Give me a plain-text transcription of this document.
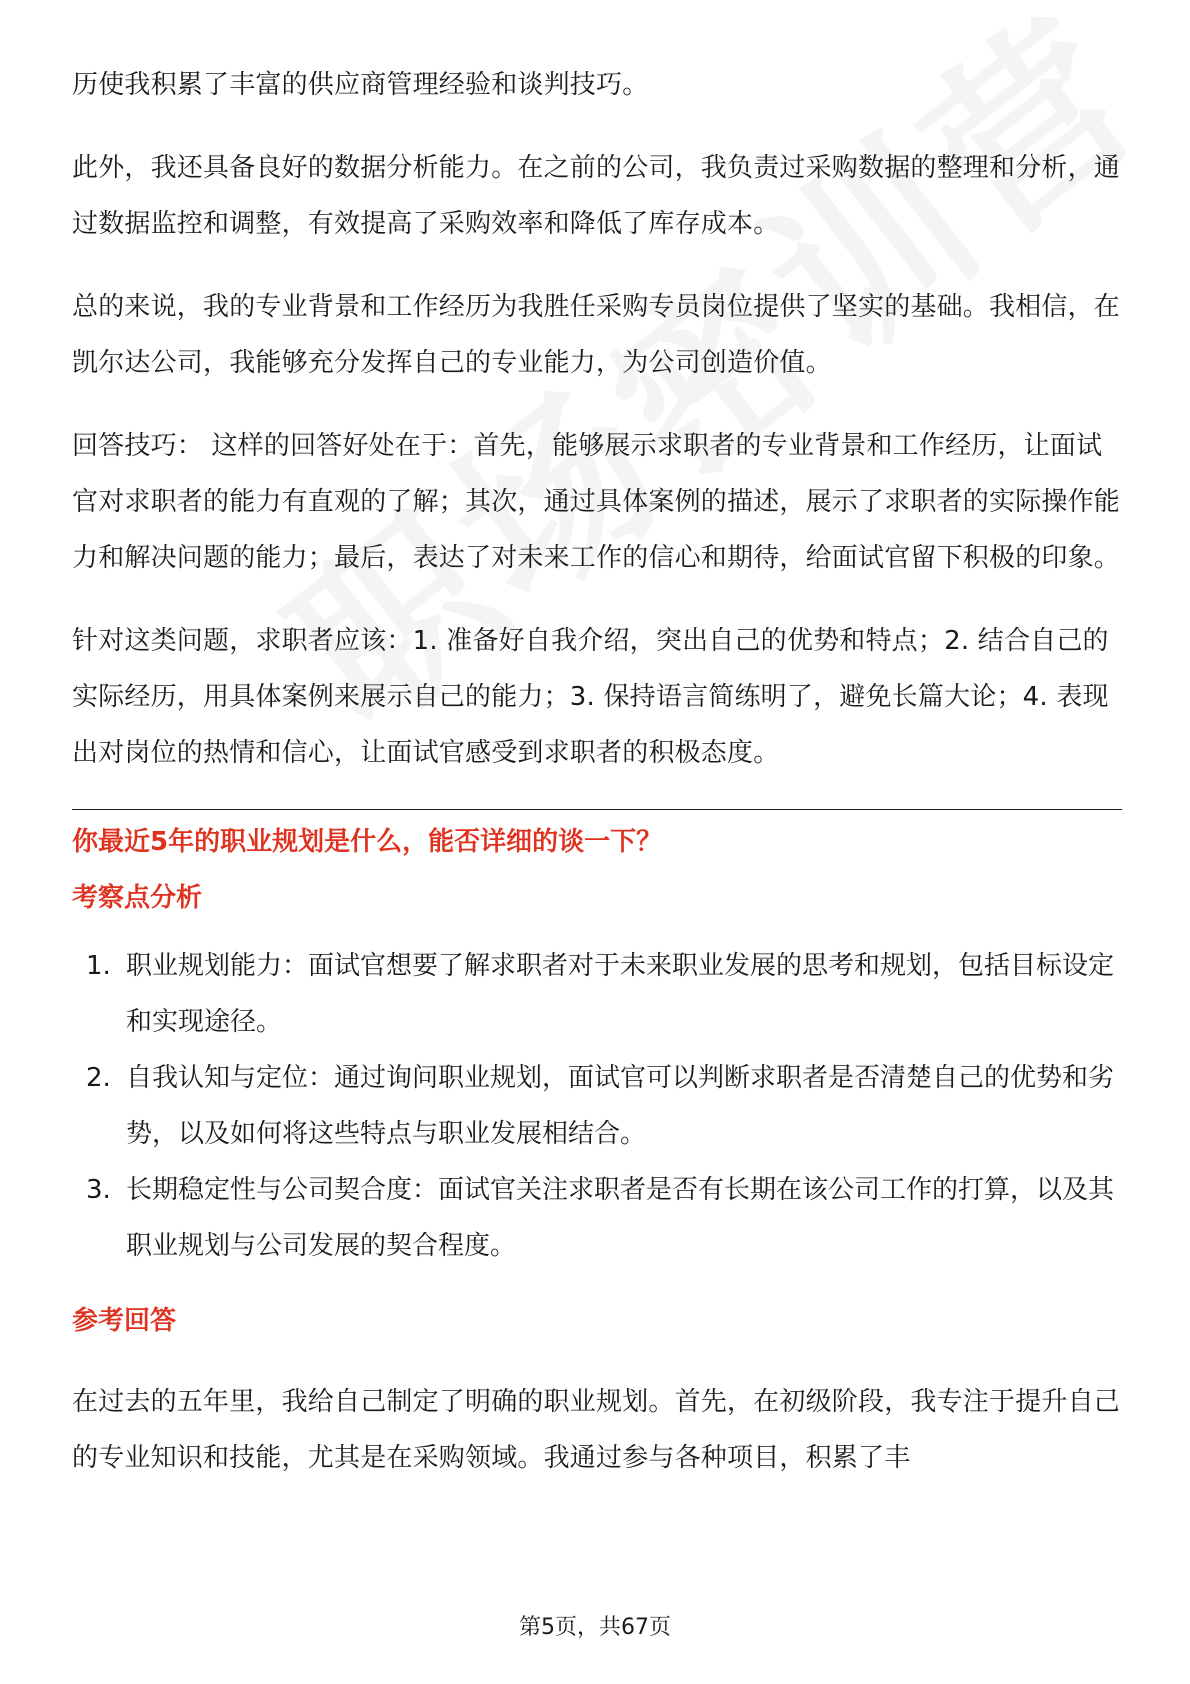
历使我积累了丰富的供应商管理经验和谈判技巧。

此外，我还具备良好的数据分析能力。在之前的公司，我负责过采购数据的整理和分析，通过数据监控和调整，有效提高了采购效率和降低了库存成本。

总的来说，我的专业背景和工作经历为我胜任采购专员岗位提供了坚实的基础。我相信，在凯尔达公司，我能够充分发挥自己的专业能力，为公司创造价值。

回答技巧： 这样的回答好处在于：首先，能够展示求职者的专业背景和工作经历，让面试官对求职者的能力有直观的了解；其次，通过具体案例的描述，展示了求职者的实际操作能力和解决问题的能力；最后，表达了对未来工作的信心和期待，给面试官留下积极的印象。

针对这类问题，求职者应该：1. 准备好自我介绍，突出自己的优势和特点；2. 结合自己的实际经历，用具体案例来展示自己的能力；3. 保持语言简练明了，避免长篇大论；4. 表现出对岗位的热情和信心，让面试官感受到求职者的积极态度。

你最近5年的职业规划是什么，能否详细的谈一下？

考察点分析

1. 职业规划能力：面试官想要了解求职者对于未来职业发展的思考和规划，包括目标设定和实现途径。
2. 自我认知与定位：通过询问职业规划，面试官可以判断求职者是否清楚自己的优势和劣势，以及如何将这些特点与职业发展相结合。
3. 长期稳定性与公司契合度：面试官关注求职者是否有长期在该公司工作的打算，以及其职业规划与公司发展的契合程度。

参考回答

在过去的五年里，我给自己制定了明确的职业规划。首先，在初级阶段，我专注于提升自己的专业知识和技能，尤其是在采购领域。我通过参与各种项目，积累了丰

第5页，共67页
